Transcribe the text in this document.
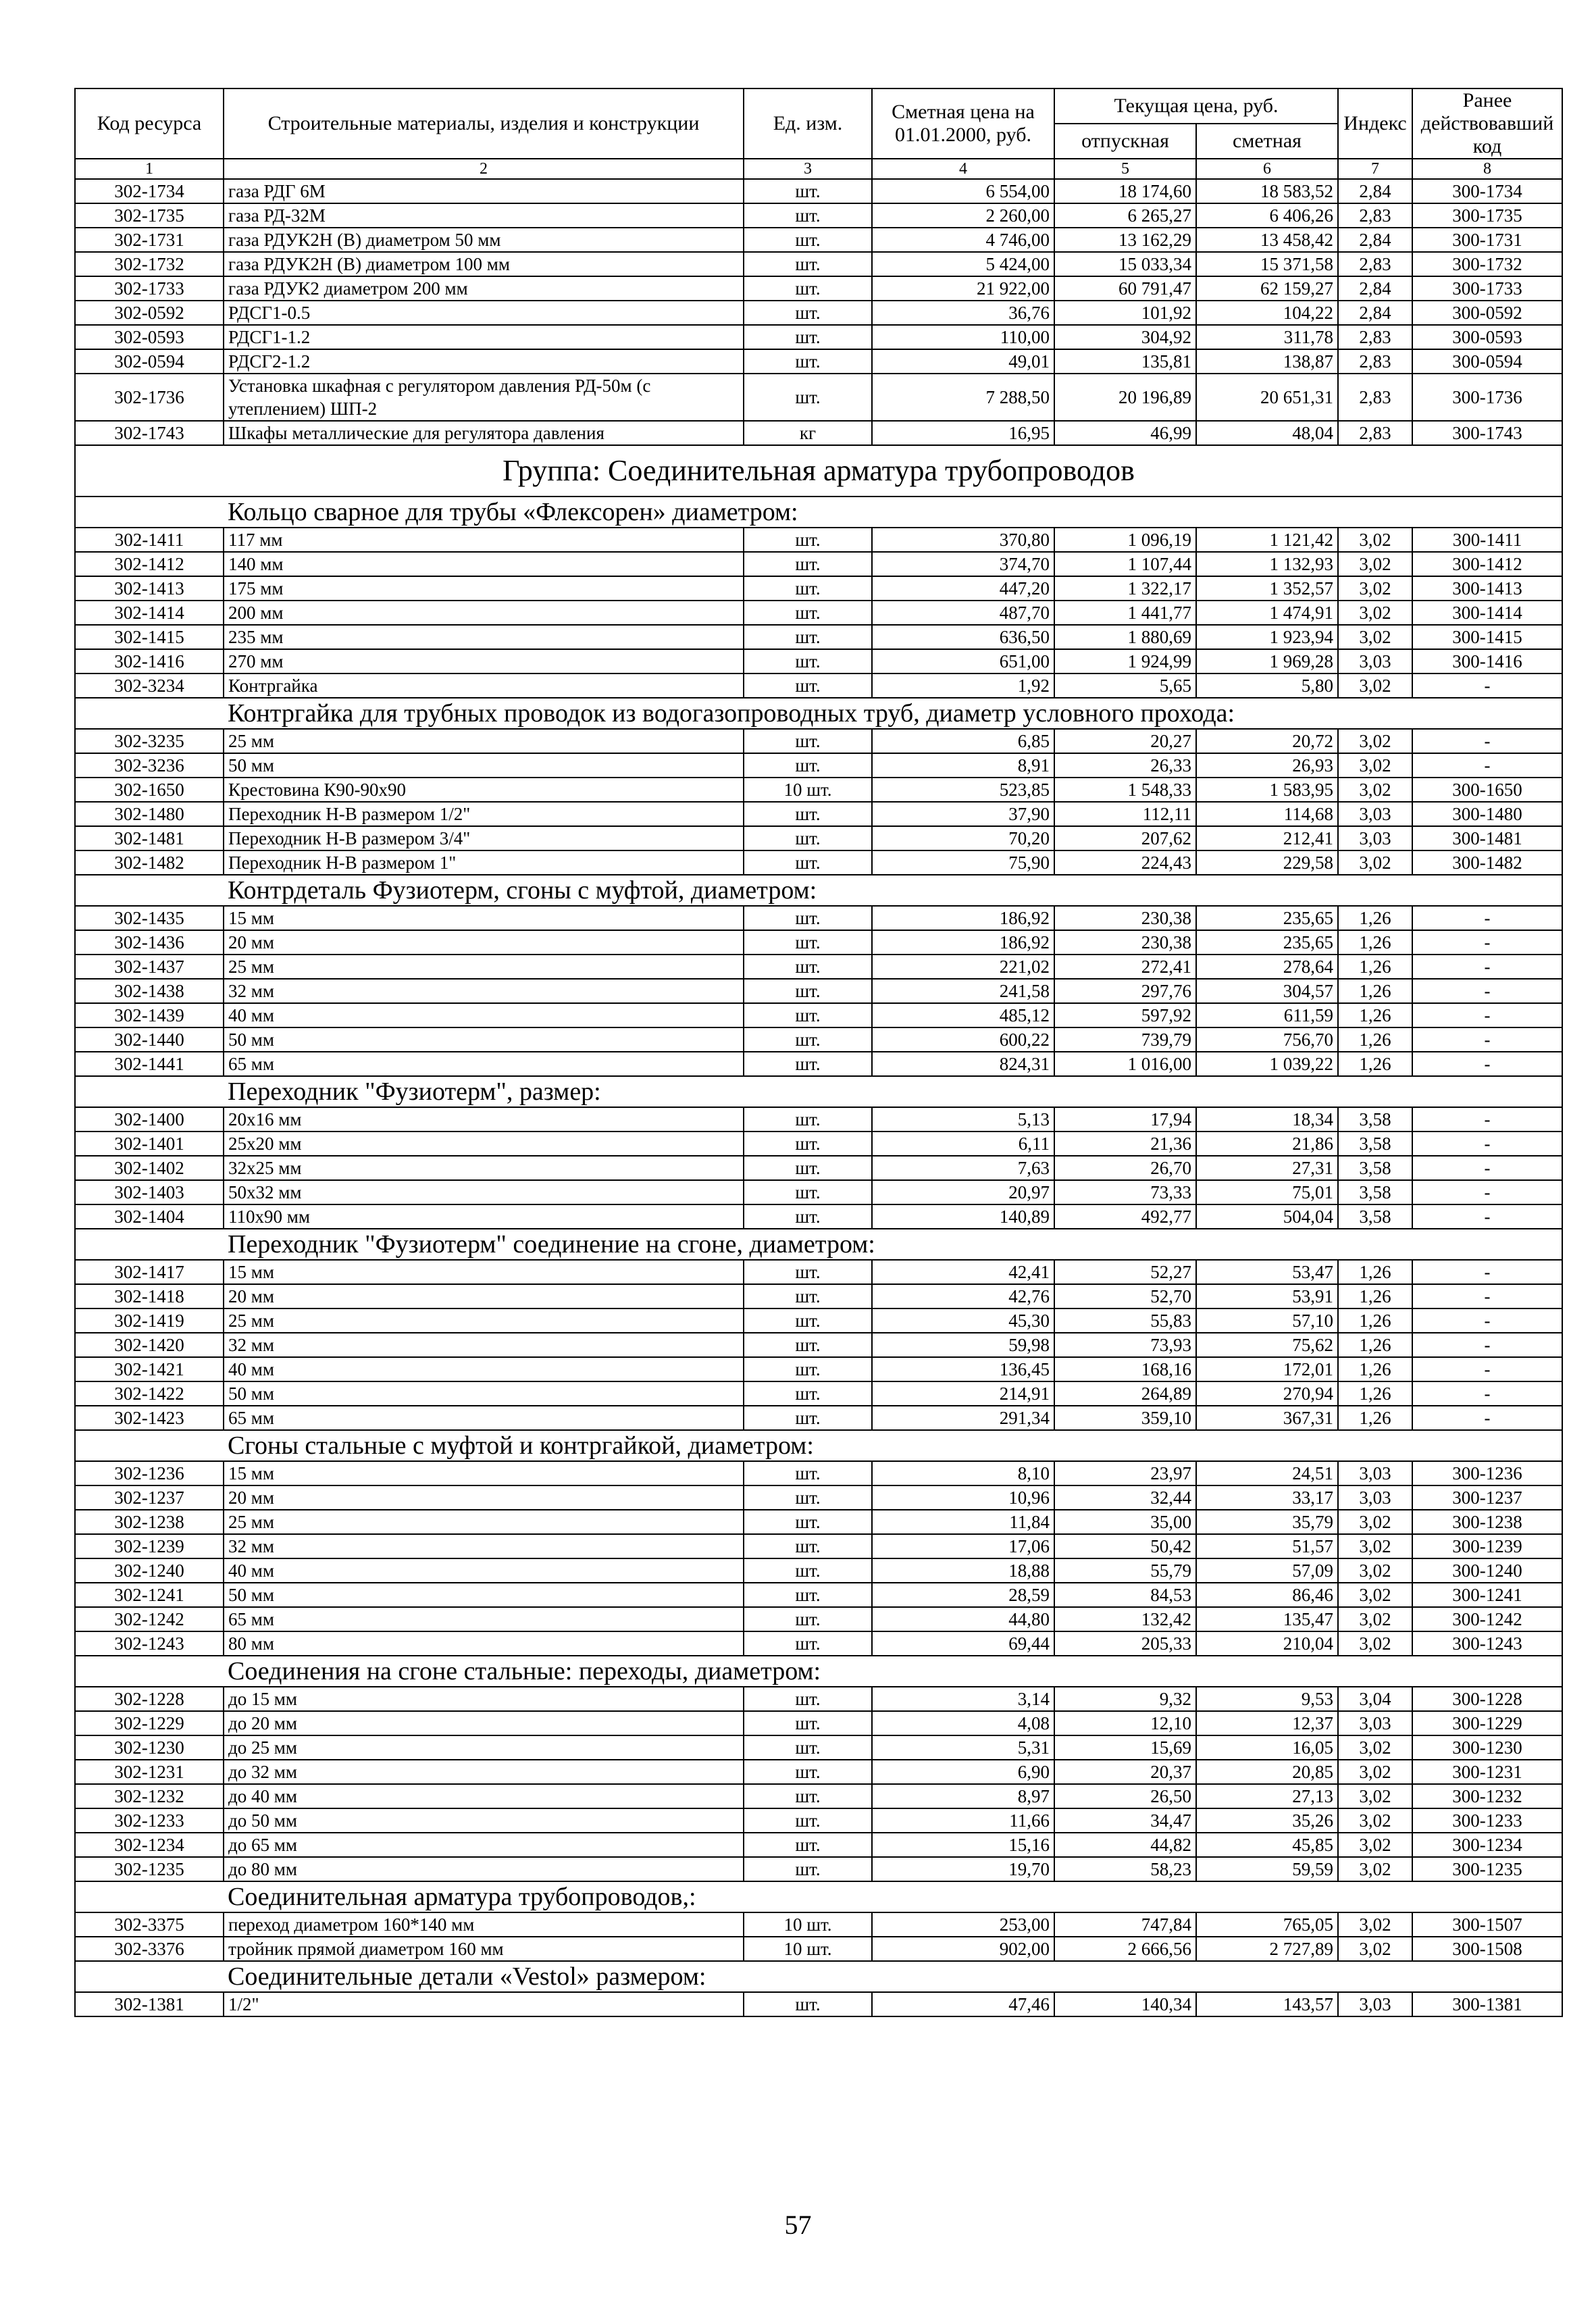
Код ресурса	Строительные материалы, изделия и конструкции	Ед. изм.	Сметная цена на 01.01.2000, руб.	Текущая цена, руб.		Индекс	Ранее действовавший код
				отпускная	сметная		
1	2	3	4	5	6	7	8
302-1734	газа РДГ 6М	шт.	6 554,00	18 174,60	18 583,52	2,84	300-1734
302-1735	газа РД-32М	шт.	2 260,00	6 265,27	6 406,26	2,83	300-1735
302-1731	газа РДУК2Н (В) диаметром 50 мм	шт.	4 746,00	13 162,29	13 458,42	2,84	300-1731
302-1732	газа РДУК2Н (В) диаметром 100 мм	шт.	5 424,00	15 033,34	15 371,58	2,83	300-1732
302-1733	газа РДУК2 диаметром 200 мм	шт.	21 922,00	60 791,47	62 159,27	2,84	300-1733
302-0592	РДСГ1-0.5	шт.	36,76	101,92	104,22	2,84	300-0592
302-0593	РДСГ1-1.2	шт.	110,00	304,92	311,78	2,83	300-0593
302-0594	РДСГ2-1.2	шт.	49,01	135,81	138,87	2,83	300-0594
302-1736	Установка шкафная с регулятором давления РД-50м (с утеплением) ШП-2	шт.	7 288,50	20 196,89	20 651,31	2,83	300-1736
302-1743	Шкафы металлические для регулятора давления	кг	16,95	46,99	48,04	2,83	300-1743
Группа: Соединительная арматура трубопроводов							
Кольцо сварное для трубы «Флексорен» диаметром:							
302-1411	117 мм	шт.	370,80	1 096,19	1 121,42	3,02	300-1411
302-1412	140 мм	шт.	374,70	1 107,44	1 132,93	3,02	300-1412
302-1413	175 мм	шт.	447,20	1 322,17	1 352,57	3,02	300-1413
302-1414	200 мм	шт.	487,70	1 441,77	1 474,91	3,02	300-1414
302-1415	235 мм	шт.	636,50	1 880,69	1 923,94	3,02	300-1415
302-1416	270 мм	шт.	651,00	1 924,99	1 969,28	3,03	300-1416
302-3234	Контргайка	шт.	1,92	5,65	5,80	3,02	-
Контргайка для трубных проводок из водогазопроводных труб, диаметр условного прохода:							
302-3235	25 мм	шт.	6,85	20,27	20,72	3,02	-
302-3236	50 мм	шт.	8,91	26,33	26,93	3,02	-
302-1650	Крестовина К90-90х90	10 шт.	523,85	1 548,33	1 583,95	3,02	300-1650
302-1480	Переходник Н-В размером 1/2"	шт.	37,90	112,11	114,68	3,03	300-1480
302-1481	Переходник Н-В размером 3/4"	шт.	70,20	207,62	212,41	3,03	300-1481
302-1482	Переходник Н-В размером 1"	шт.	75,90	224,43	229,58	3,02	300-1482
Контрдеталь Фузиотерм, сгоны с муфтой, диаметром:							
302-1435	15 мм	шт.	186,92	230,38	235,65	1,26	-
302-1436	20 мм	шт.	186,92	230,38	235,65	1,26	-
302-1437	25 мм	шт.	221,02	272,41	278,64	1,26	-
302-1438	32 мм	шт.	241,58	297,76	304,57	1,26	-
302-1439	40 мм	шт.	485,12	597,92	611,59	1,26	-
302-1440	50 мм	шт.	600,22	739,79	756,70	1,26	-
302-1441	65 мм	шт.	824,31	1 016,00	1 039,22	1,26	-
Переходник "Фузиотерм", размер:							
302-1400	20х16 мм	шт.	5,13	17,94	18,34	3,58	-
302-1401	25х20 мм	шт.	6,11	21,36	21,86	3,58	-
302-1402	32х25 мм	шт.	7,63	26,70	27,31	3,58	-
302-1403	50х32 мм	шт.	20,97	73,33	75,01	3,58	-
302-1404	110х90 мм	шт.	140,89	492,77	504,04	3,58	-
Переходник "Фузиотерм" соединение на сгоне, диаметром:							
302-1417	15 мм	шт.	42,41	52,27	53,47	1,26	-
302-1418	20 мм	шт.	42,76	52,70	53,91	1,26	-
302-1419	25 мм	шт.	45,30	55,83	57,10	1,26	-
302-1420	32 мм	шт.	59,98	73,93	75,62	1,26	-
302-1421	40 мм	шт.	136,45	168,16	172,01	1,26	-
302-1422	50 мм	шт.	214,91	264,89	270,94	1,26	-
302-1423	65 мм	шт.	291,34	359,10	367,31	1,26	-
Сгоны стальные с муфтой и контргайкой, диаметром:							
302-1236	15 мм	шт.	8,10	23,97	24,51	3,03	300-1236
302-1237	20 мм	шт.	10,96	32,44	33,17	3,03	300-1237
302-1238	25 мм	шт.	11,84	35,00	35,79	3,02	300-1238
302-1239	32 мм	шт.	17,06	50,42	51,57	3,02	300-1239
302-1240	40 мм	шт.	18,88	55,79	57,09	3,02	300-1240
302-1241	50 мм	шт.	28,59	84,53	86,46	3,02	300-1241
302-1242	65 мм	шт.	44,80	132,42	135,47	3,02	300-1242
302-1243	80 мм	шт.	69,44	205,33	210,04	3,02	300-1243
Соединения на сгоне стальные: переходы, диаметром:							
302-1228	до 15 мм	шт.	3,14	9,32	9,53	3,04	300-1228
302-1229	до 20 мм	шт.	4,08	12,10	12,37	3,03	300-1229
302-1230	до 25 мм	шт.	5,31	15,69	16,05	3,02	300-1230
302-1231	до 32 мм	шт.	6,90	20,37	20,85	3,02	300-1231
302-1232	до 40 мм	шт.	8,97	26,50	27,13	3,02	300-1232
302-1233	до 50 мм	шт.	11,66	34,47	35,26	3,02	300-1233
302-1234	до 65 мм	шт.	15,16	44,82	45,85	3,02	300-1234
302-1235	до 80 мм	шт.	19,70	58,23	59,59	3,02	300-1235
Соединительная арматура трубопроводов,:							
302-3375	переход диаметром 160*140 мм	10 шт.	253,00	747,84	765,05	3,02	300-1507
302-3376	тройник прямой диаметром 160 мм	10 шт.	902,00	2 666,56	2 727,89	3,02	300-1508
Соединительные детали «Vestol» размером:							
302-1381	1/2"	шт.	47,46	140,34	143,57	3,03	300-1381
57
